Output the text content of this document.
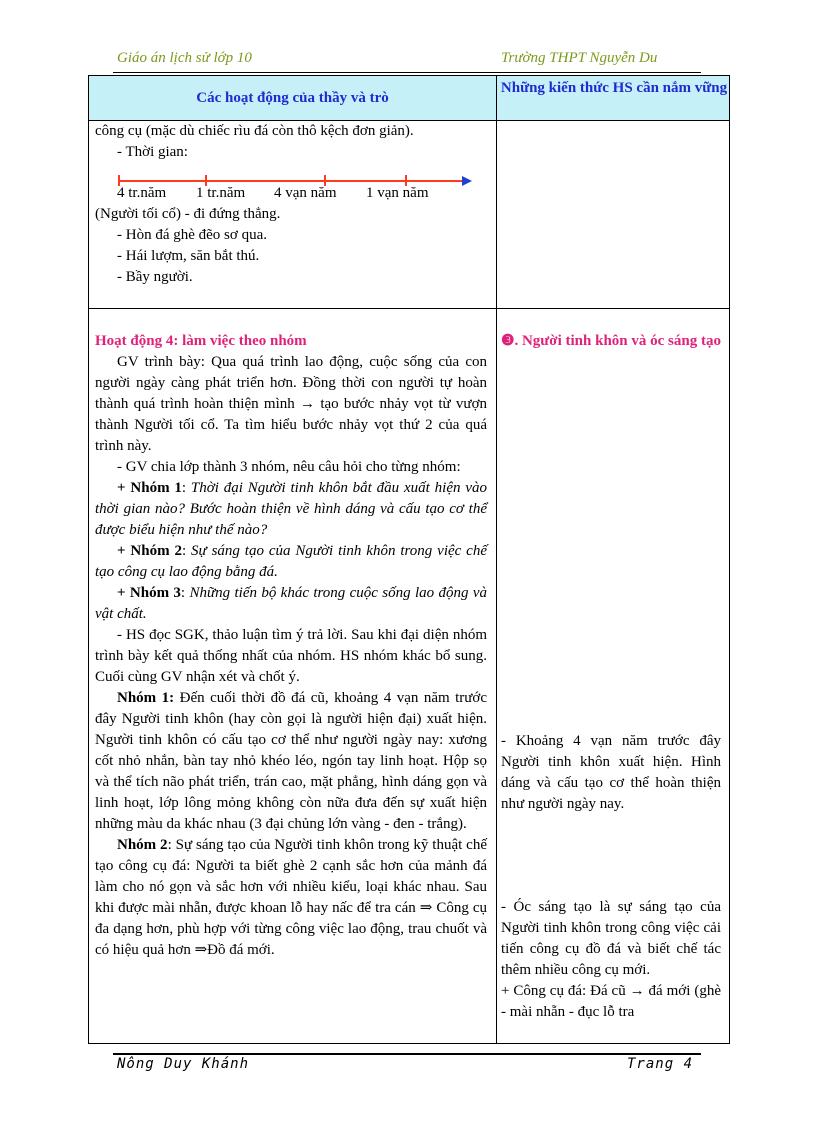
Giáo án lịch sử lớp 10	Trường THPT Nguyễn Du
Các hoạt động của thầy và trò
Những kiến thức HS cần nắm vững

công cụ (mặc dù chiếc rìu đá còn thô kệch đơn giản).

- Thời gian:

4 tr.năm 1 tr.năm 4 vạn năm 1 vạn năm

(Người tối cổ) - đi đứng thẳng.

- Hòn đá ghè đẽo sơ qua.

- Hái lượm, săn bắt thú.

- Bầy người.

Hoạt động 4: làm việc theo nhóm

GV trình bày: Qua quá trình lao động, cuộc sống của con người ngày càng phát triển hơn. Đồng thời con người tự hoàn thành quá trình hoàn thiện mình → tạo bước nhảy vọt từ vượn thành Người tối cổ. Ta tìm hiểu bước nhảy vọt thứ 2 của quá trình này.

- GV chia lớp thành 3 nhóm, nêu câu hỏi cho từng nhóm:

+ Nhóm 1: Thời đại Người tinh khôn bắt đầu xuất hiện vào thời gian nào? Bước hoàn thiện về hình dáng và cấu tạo cơ thể được biểu hiện như thế nào?

+ Nhóm 2: Sự sáng tạo của Người tinh khôn trong việc chế tạo công cụ lao động bằng đá.

+ Nhóm 3: Những tiến bộ khác trong cuộc sống lao động và vật chất.

- HS đọc SGK, thảo luận tìm ý trả lời. Sau khi đại diện nhóm trình bày kết quả thống nhất của nhóm. HS nhóm khác bổ sung. Cuối cùng GV nhận xét và chốt ý.

Nhóm 1: Đến cuối thời đồ đá cũ, khoảng 4 vạn năm trước đây Người tinh khôn (hay còn gọi là người hiện đại) xuất hiện. Người tinh khôn có cấu tạo cơ thể như người ngày nay: xương cốt nhỏ nhắn, bàn tay nhỏ khéo léo, ngón tay linh hoạt. Hộp sọ và thể tích não phát triển, trán cao, mặt phẳng, hình dáng gọn và linh hoạt, lớp lông mỏng không còn nữa đưa đến sự xuất hiện những màu da khác nhau (3 đại chủng lớn vàng - đen - trắng).

Nhóm 2: Sự sáng tạo của Người tinh khôn trong kỹ thuật chế tạo công cụ đá: Người ta biết ghè 2 cạnh sắc hơn của mảnh đá làm cho nó gọn và sắc hơn với nhiều kiểu, loại khác nhau. Sau khi được mài nhẵn, được khoan lỗ hay nấc để tra cán ⇒ Công cụ đa dạng hơn, phù hợp với từng công việc lao động, trau chuốt và có hiệu quả hơn ⇒Đồ đá mới.

❸. Người tinh khôn và óc sáng tạo

- Khoảng 4 vạn năm trước đây Người tinh khôn xuất hiện. Hình dáng và cấu tạo cơ thể hoàn thiện như người ngày nay.

- Óc sáng tạo là sự sáng tạo của Người tinh khôn trong công việc cải tiến công cụ đồ đá và biết chế tác thêm nhiều công cụ mới.

+ Công cụ đá: Đá cũ → đá mới (ghè - mài nhẵn - đục lỗ tra

Nông Duy Khánh	Trang 4
